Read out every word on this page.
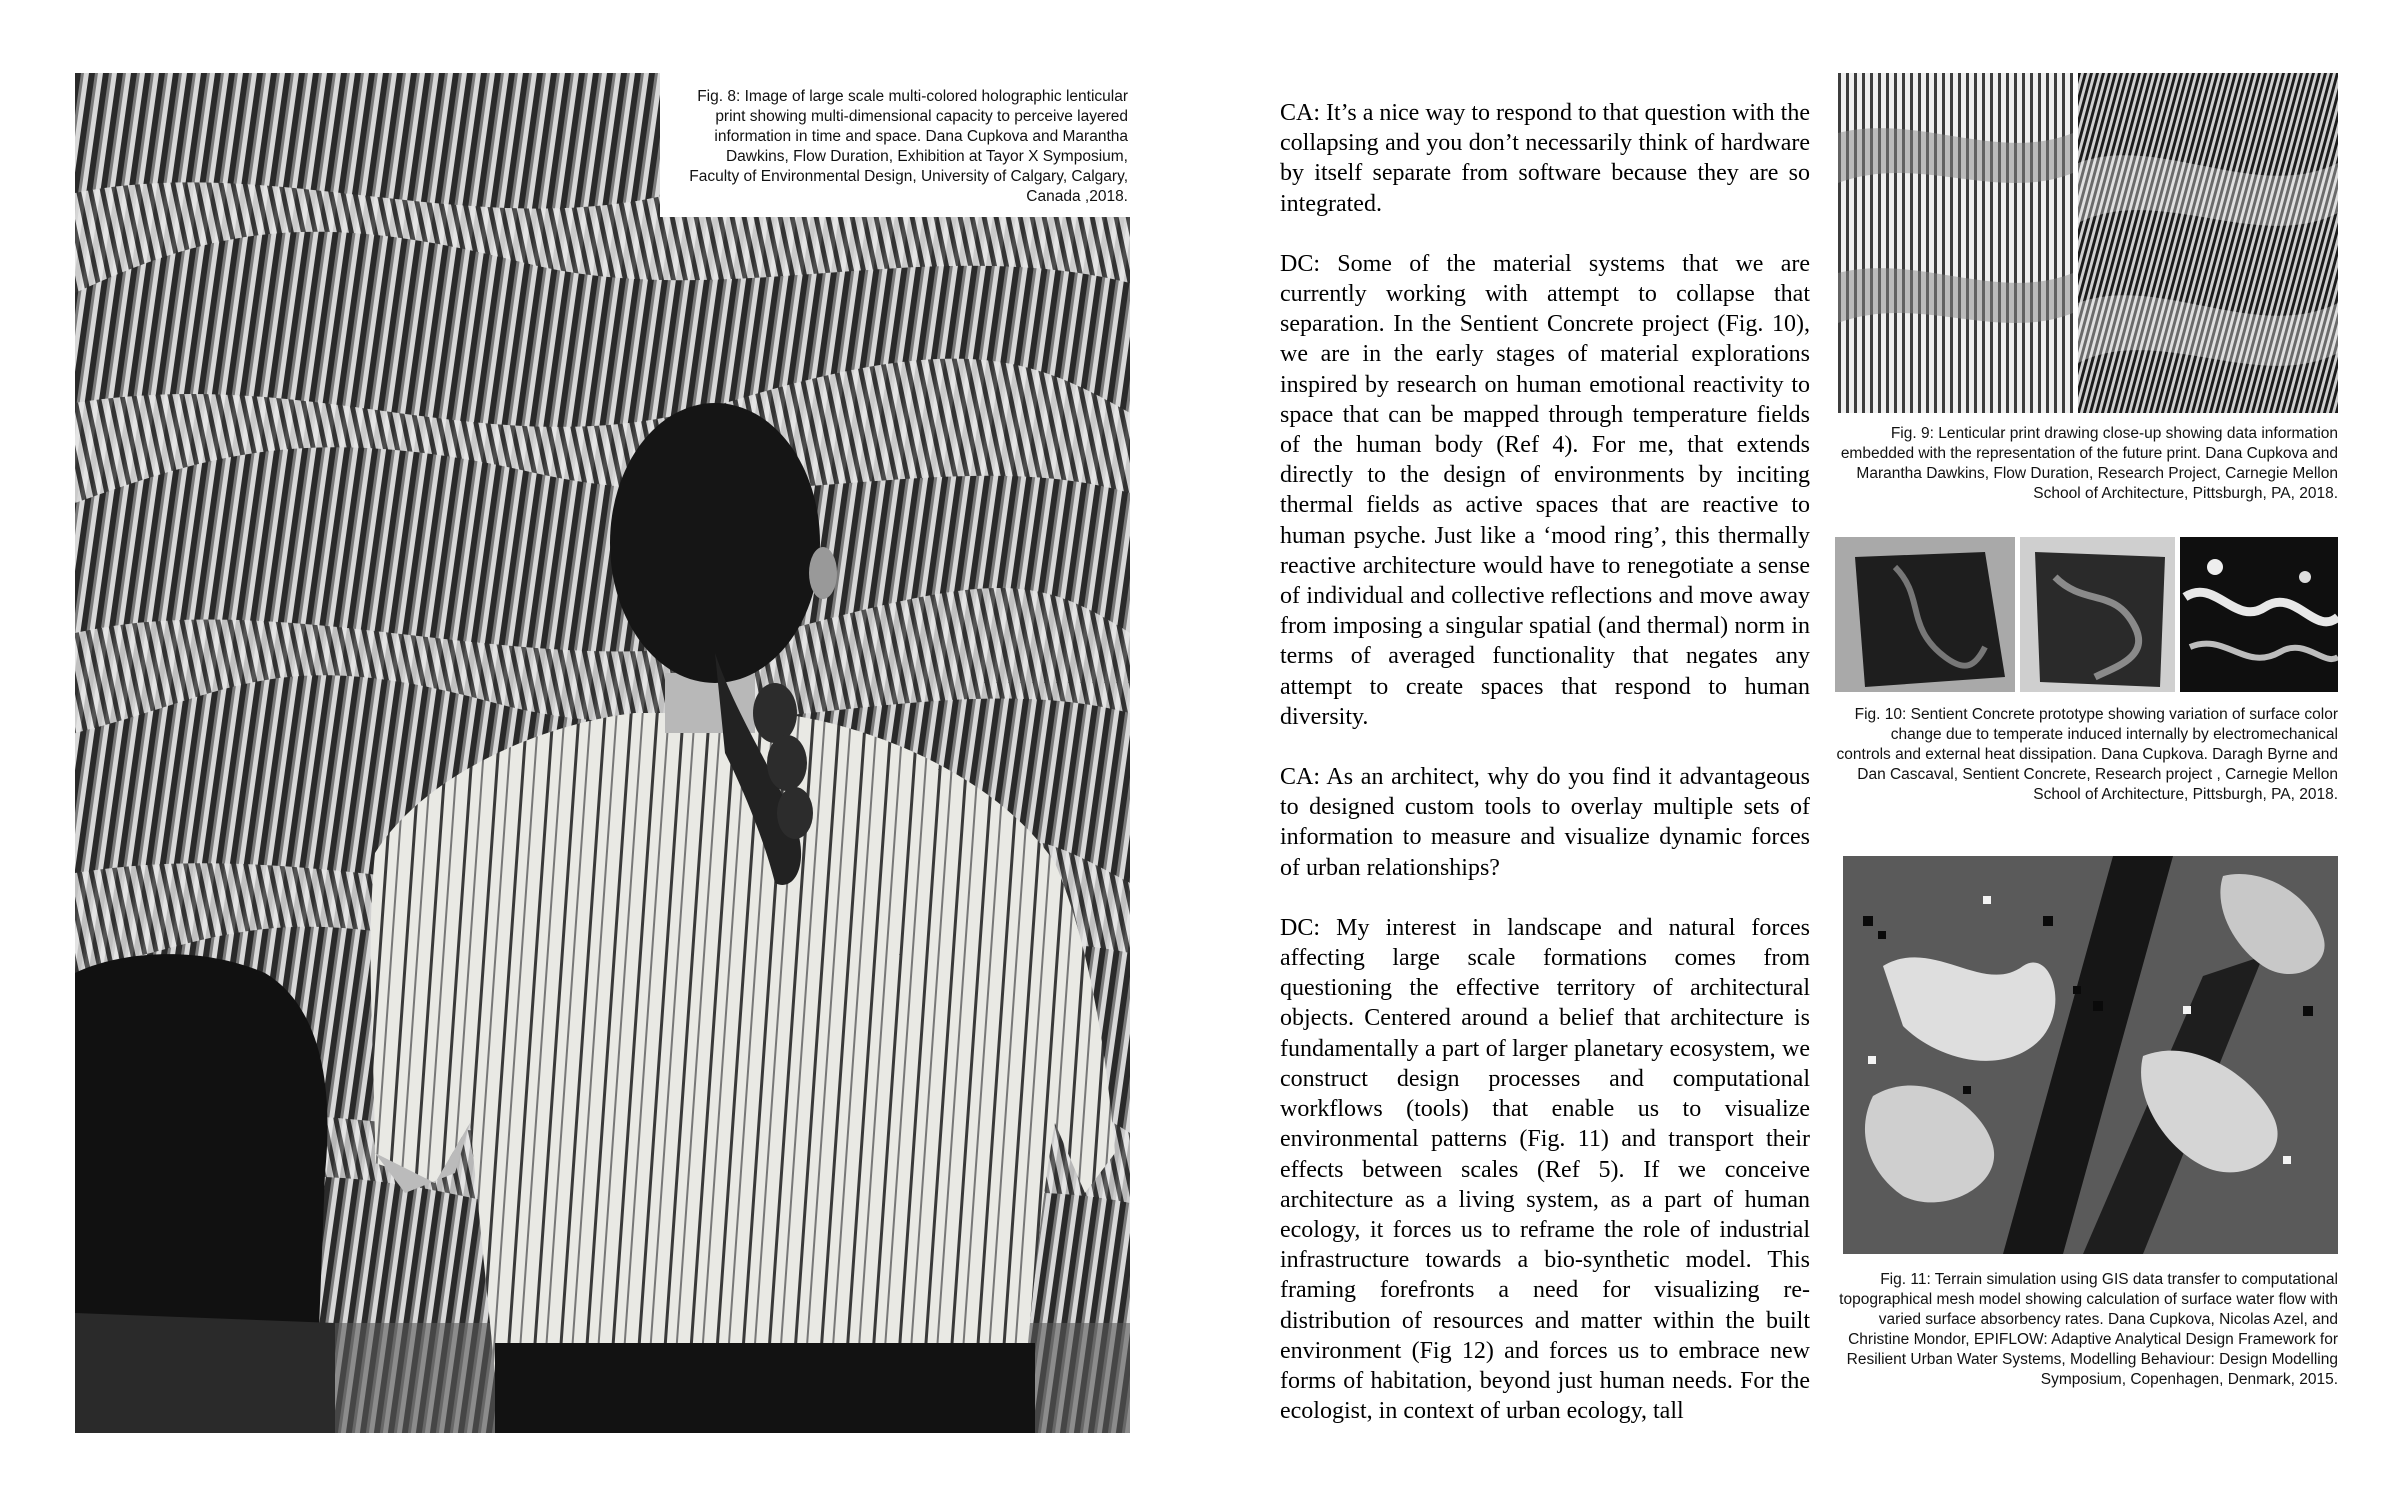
Fig. 8: Image of large scale multi-colored holographic lenticular print showing multi-dimensional capacity to perceive layered information in time and space. Dana Cupkova and Marantha Dawkins, Flow Duration, Exhibition at Tayor X Symposium, Faculty of Environmental Design, University of Calgary, Calgary, Canada ,2018.

CA: It’s a nice way to respond to that question with the collapsing and you don’t necessarily think of hardware by itself separate from software because they are so integrated.

DC: Some of the material systems that we are currently working with attempt to collapse that separation. In the Sentient Concrete project (Fig. 10), we are in the early stages of material explorations inspired by research on human emotional reactivity to space that can be mapped through temperature fields of the human body (Ref 4). For me, that extends directly to the design of environments by inciting thermal fields as active spaces that are reactive to human psyche. Just like a ‘mood ring’, this thermally reactive architecture would have to renegotiate a sense of individual and collective reflections and move away from imposing a singular spatial (and thermal) norm in terms of averaged functionality that negates any attempt to create spaces that respond to human diversity.

CA: As an architect, why do you find it advantageous to designed custom tools to overlay multiple sets of information to measure and visualize dynamic forces of urban relationships?

DC: My interest in landscape and natural forces affecting large scale formations comes from questioning the effective territory of architectural objects. Centered around a belief that architecture is fundamentally a part of larger planetary ecosystem, we construct design processes and computational workflows (tools) that enable us to visualize environmental patterns (Fig. 11) and transport their effects between scales (Ref 5). If we conceive architecture as a living system, as a part of human ecology, it forces us to reframe the role of industrial infrastructure towards a bio-synthetic model. This framing forefronts a need for visualizing re-distribution of resources and matter within the built environment (Fig 12) and forces us to embrace new forms of habitation, beyond just human needs. For the ecologist, in context of urban ecology, tall

Fig. 9: Lenticular print drawing close-up showing data information embedded with the representation of the future print. Dana Cupkova and Marantha Dawkins, Flow Duration, Research Project, Carnegie Mellon School of Architecture, Pittsburgh, PA, 2018.
Fig. 10: Sentient Concrete prototype showing variation of surface color change due to temperate induced internally by electromechanical controls and external heat dissipation. Dana Cupkova. Daragh Byrne and Dan Cascaval, Sentient Concrete, Research project , Carnegie Mellon School of Architecture, Pittsburgh, PA, 2018.
Fig. 11: Terrain simulation using GIS data transfer to computational topographical mesh model showing calculation of surface water flow with varied surface absorbency rates. Dana Cupkova, Nicolas Azel, and Christine Mondor, EPIFLOW: Adaptive Analytical Design Framework for Resilient Urban Water Systems, Modelling Behaviour: Design Modelling Symposium, Copenhagen, Denmark, 2015.
